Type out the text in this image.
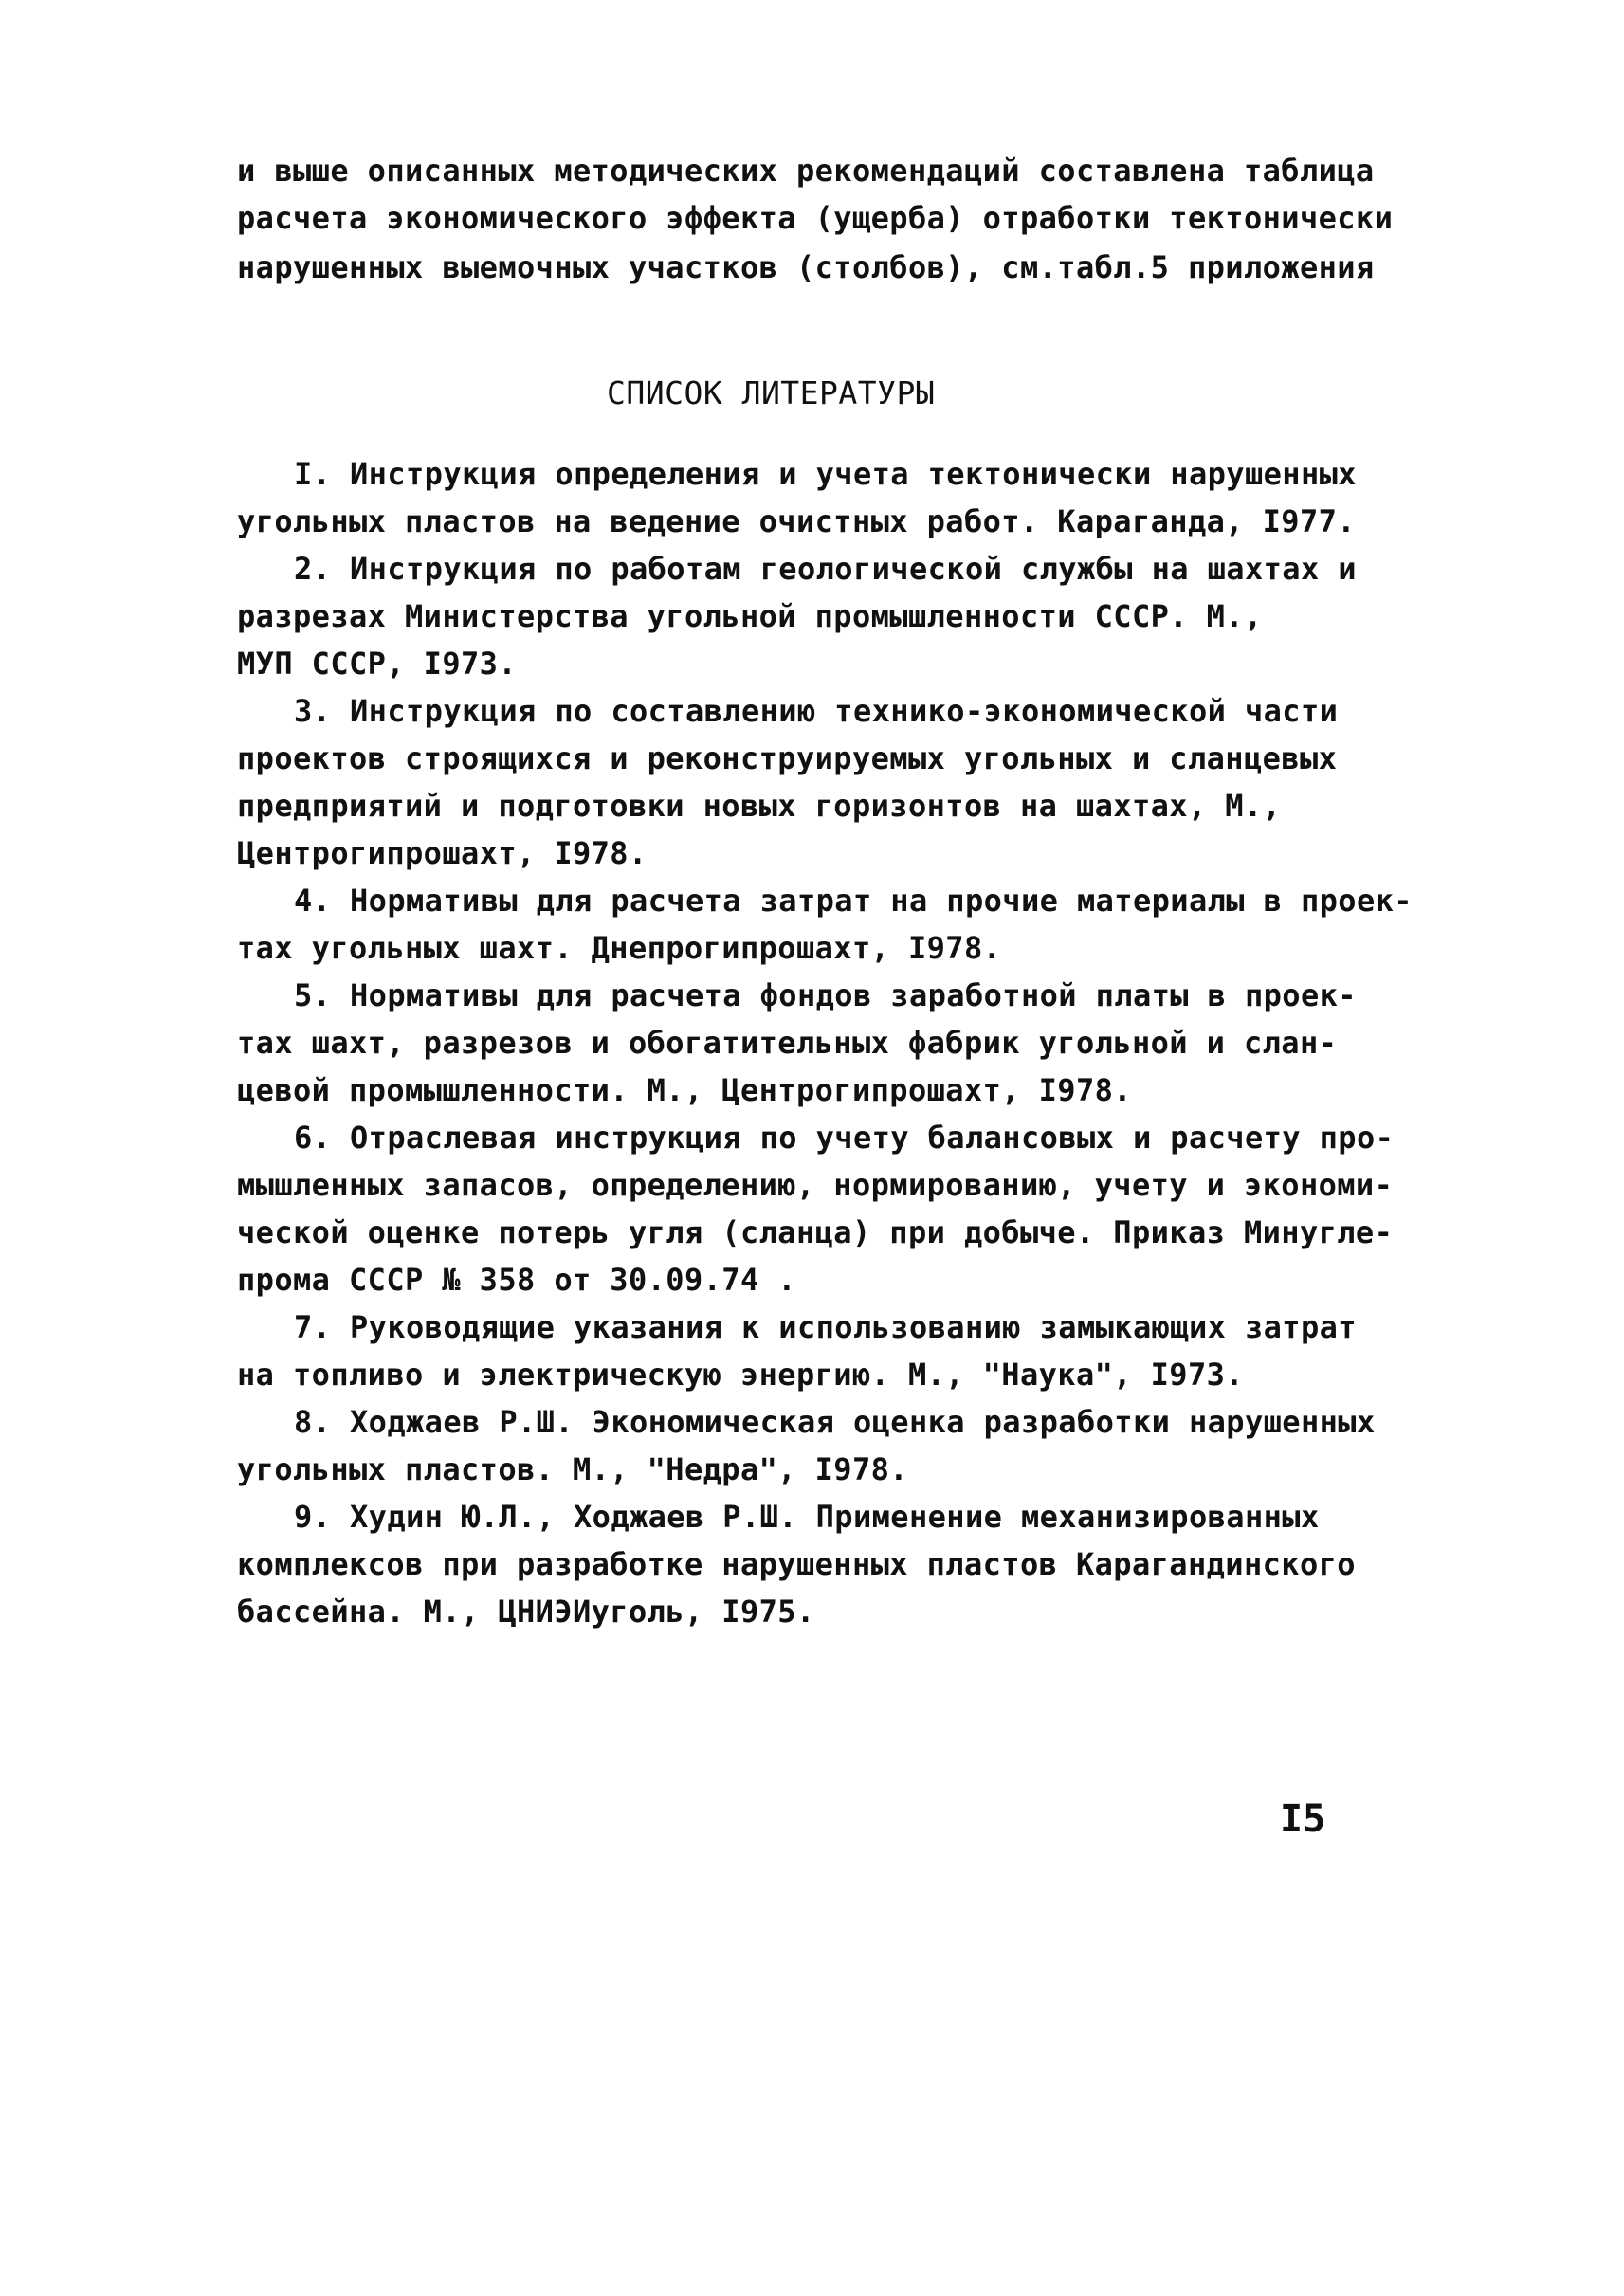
и выше описанных методических рекомендаций составлена таблица

расчета экономического эффекта (ущерба) отработки тектонически

нарушенных выемочных участков (столбов), см.табл.5 приложения

СПИСОК ЛИТЕРАТУРЫ

I. Инструкция определения и учета тектонически нарушенных

угольных пластов на ведение очистных работ. Караганда, I977.

2. Инструкция по работам геологической службы на шахтах и

разрезах Министерства угольной промышленности СССР. М.,

МУП СССР, I973.

3. Инструкция по составлению технико-экономической части

проектов строящихся и реконструируемых угольных и сланцевых

предприятий и подготовки новых горизонтов на шахтах, М.,

Центрогипрошахт, I978.

4. Нормативы для расчета затрат на прочие материалы в проек-

тах угольных шахт. Днепрогипрошахт, I978.

5. Нормативы для расчета фондов заработной платы в проек-

тах шахт, разрезов и обогатительных фабрик угольной и слан-

цевой промышленности. М., Центрогипрошахт, I978.

6. Отраслевая инструкция по учету балансовых и расчету про-

мышленных запасов, определению, нормированию, учету и экономи-

ческой оценке потерь угля (сланца) при добыче. Приказ Минугле-

прома СССР № 358 от 30.09.74 .

7. Руководящие указания к использованию замыкающих затрат

на топливо и электрическую энергию. М., "Наука", I973.

8. Ходжаев Р.Ш. Экономическая оценка разработки нарушенных

угольных пластов. М., "Недра", I978.

9. Худин Ю.Л., Ходжаев Р.Ш. Применение механизированных

комплексов при разработке нарушенных пластов Карагандинского

бассейна. М., ЦНИЭИуголь, I975.

I5
